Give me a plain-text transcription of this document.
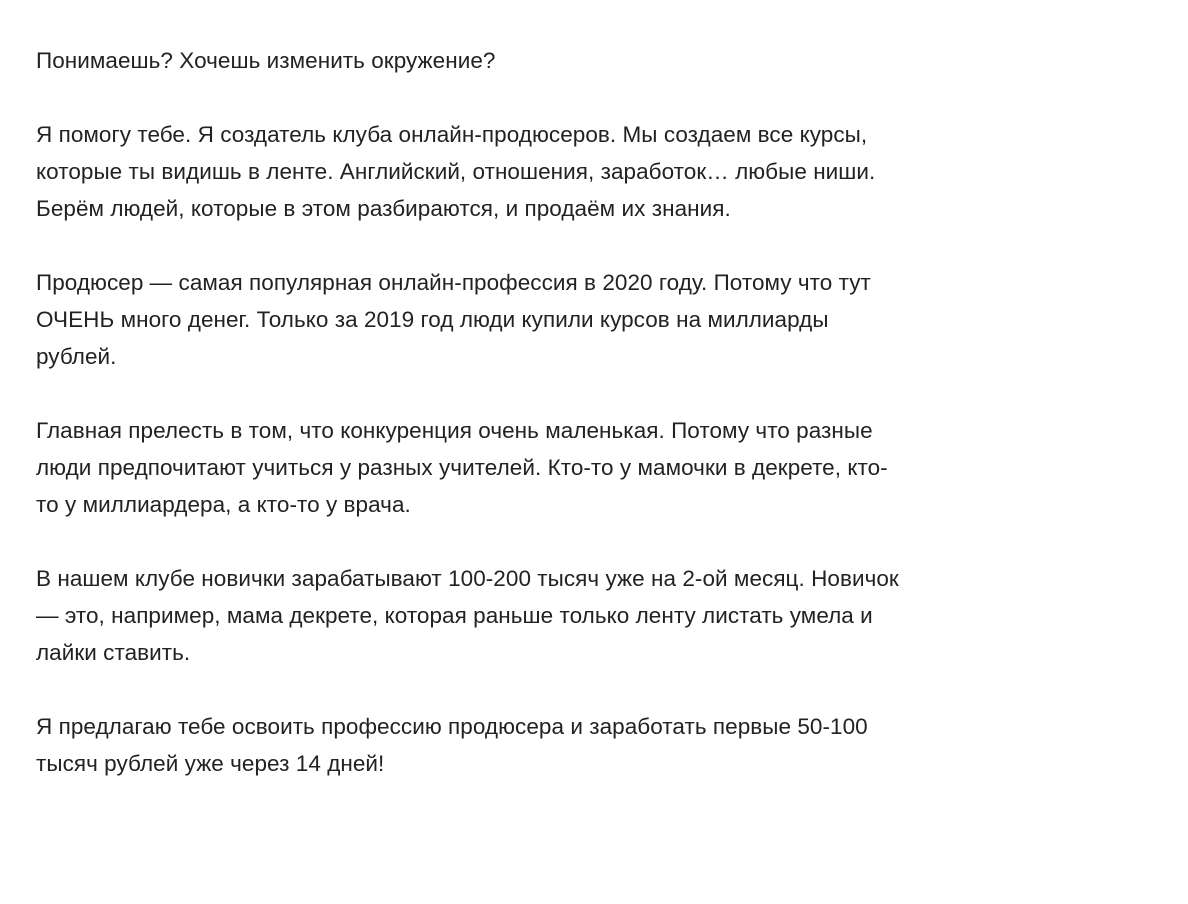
Понимаешь? Хочешь изменить окружение?

Я помогу тебе. Я создатель клуба онлайн-продюсеров. Мы создаем все курсы,
которые ты видишь в ленте. Английский, отношения, заработок… любые ниши.
Берём людей, которые в этом разбираются, и продаём их знания.

Продюсер — самая популярная онлайн-профессия в 2020 году. Потому что тут
ОЧЕНЬ много денег. Только за 2019 год люди купили курсов на миллиарды
рублей.

Главная прелесть в том, что конкуренция очень маленькая. Потому что разные
люди предпочитают учиться у разных учителей. Кто-то у мамочки в декрете, кто-
то у миллиардера, а кто-то у врача.

В нашем клубе новички зарабатывают 100-200 тысяч уже на 2-ой месяц. Новичок
— это, например, мама декрете, которая раньше только ленту листать умела и
лайки ставить.

Я предлагаю тебе освоить профессию продюсера и заработать первые 50-100
тысяч рублей уже через 14 дней!
